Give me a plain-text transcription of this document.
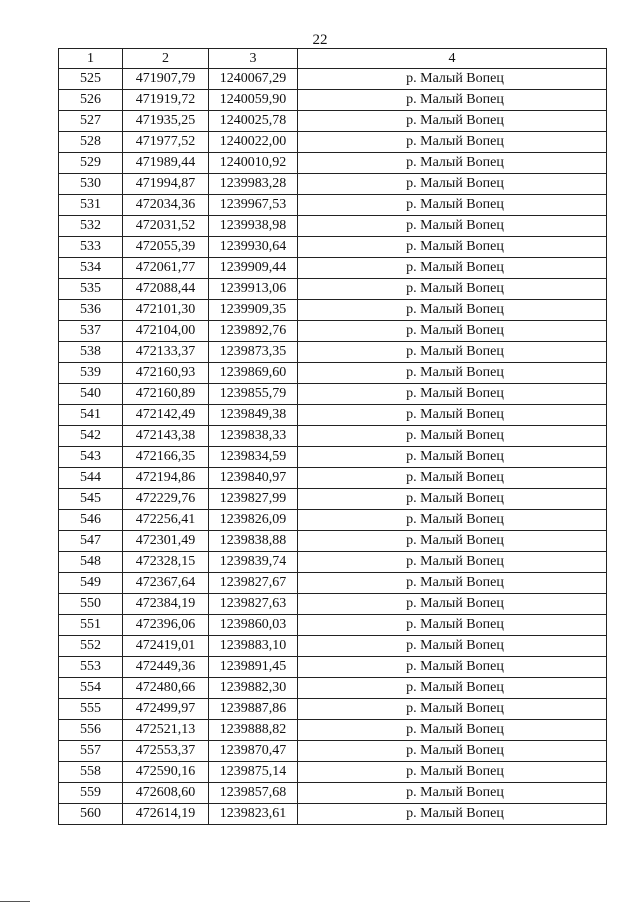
22
1	2	3	4
525	471907,79	1240067,29	р. Малый Вопец
526	471919,72	1240059,90	р. Малый Вопец
527	471935,25	1240025,78	р. Малый Вопец
528	471977,52	1240022,00	р. Малый Вопец
529	471989,44	1240010,92	р. Малый Вопец
530	471994,87	1239983,28	р. Малый Вопец
531	472034,36	1239967,53	р. Малый Вопец
532	472031,52	1239938,98	р. Малый Вопец
533	472055,39	1239930,64	р. Малый Вопец
534	472061,77	1239909,44	р. Малый Вопец
535	472088,44	1239913,06	р. Малый Вопец
536	472101,30	1239909,35	р. Малый Вопец
537	472104,00	1239892,76	р. Малый Вопец
538	472133,37	1239873,35	р. Малый Вопец
539	472160,93	1239869,60	р. Малый Вопец
540	472160,89	1239855,79	р. Малый Вопец
541	472142,49	1239849,38	р. Малый Вопец
542	472143,38	1239838,33	р. Малый Вопец
543	472166,35	1239834,59	р. Малый Вопец
544	472194,86	1239840,97	р. Малый Вопец
545	472229,76	1239827,99	р. Малый Вопец
546	472256,41	1239826,09	р. Малый Вопец
547	472301,49	1239838,88	р. Малый Вопец
548	472328,15	1239839,74	р. Малый Вопец
549	472367,64	1239827,67	р. Малый Вопец
550	472384,19	1239827,63	р. Малый Вопец
551	472396,06	1239860,03	р. Малый Вопец
552	472419,01	1239883,10	р. Малый Вопец
553	472449,36	1239891,45	р. Малый Вопец
554	472480,66	1239882,30	р. Малый Вопец
555	472499,97	1239887,86	р. Малый Вопец
556	472521,13	1239888,82	р. Малый Вопец
557	472553,37	1239870,47	р. Малый Вопец
558	472590,16	1239875,14	р. Малый Вопец
559	472608,60	1239857,68	р. Малый Вопец
560	472614,19	1239823,61	р. Малый Вопец
